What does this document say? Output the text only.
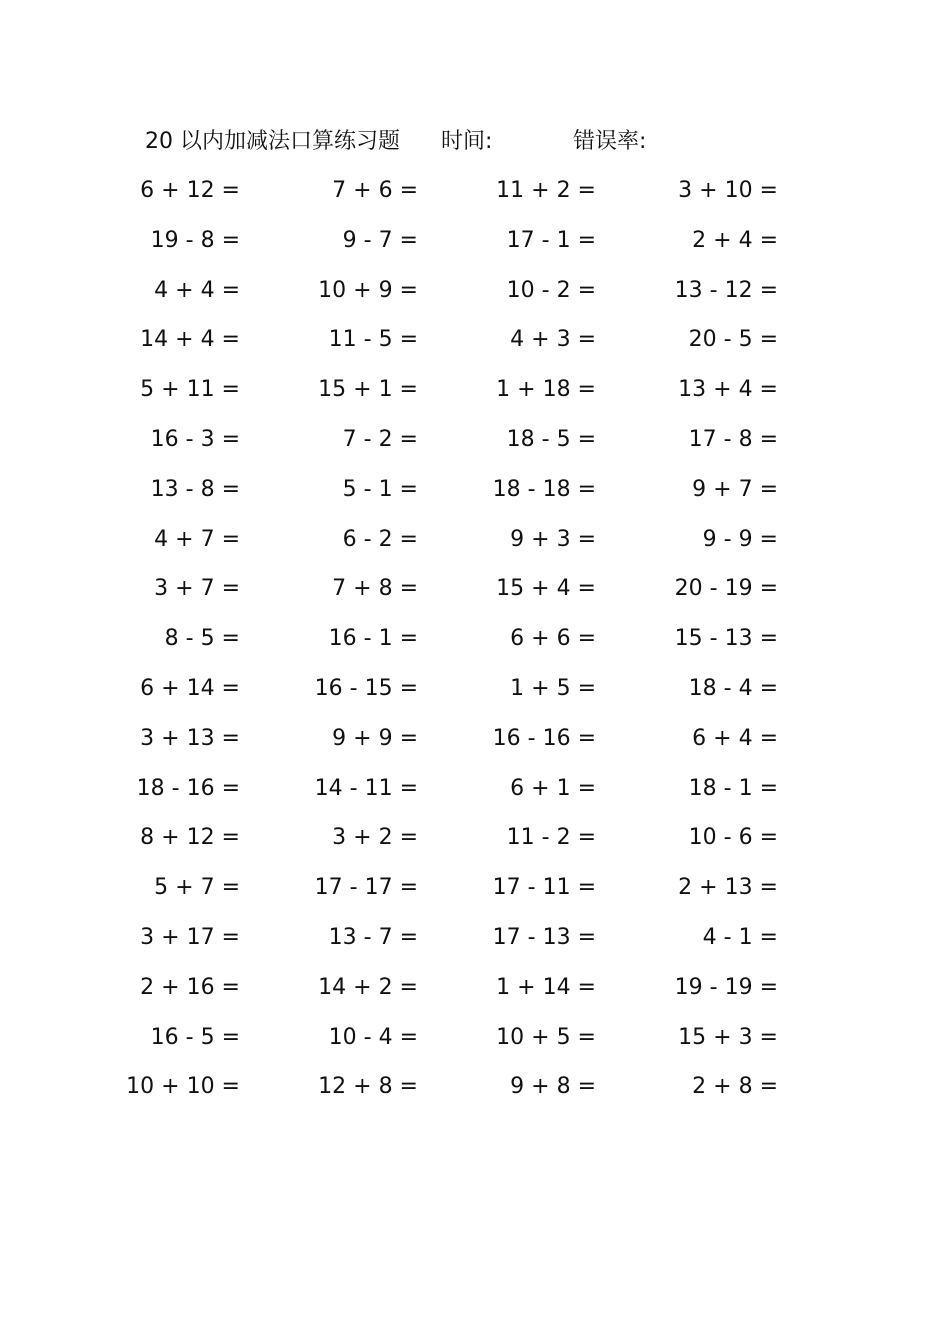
20 以内加减法口算练习题 时间:	错误率:
6 + 12 =	7 + 6 =	11 + 2 =	3 + 10 =
19 - 8 =	9 - 7 =	17 - 1 =	2 + 4 =
4 + 4 =	10 + 9 =	10 - 2 =	13 - 12 =
14 + 4 =	11 - 5 =	4 + 3 =	20 - 5 =
5 + 11 =	15 + 1 =	1 + 18 =	13 + 4 =
16 - 3 =	7 - 2 =	18 - 5 =	17 - 8 =
13 - 8 =	5 - 1 =	18 - 18 =	9 + 7 =
4 + 7 =	6 - 2 =	9 + 3 =	9 - 9 =
3 + 7 =	7 + 8 =	15 + 4 =	20 - 19 =
8 - 5 =	16 - 1 =	6 + 6 =	15 - 13 =
6 + 14 =	16 - 15 =	1 + 5 =	18 - 4 =
3 + 13 =	9 + 9 =	16 - 16 =	6 + 4 =
18 - 16 =	14 - 11 =	6 + 1 =	18 - 1 =
8 + 12 =	3 + 2 =	11 - 2 =	10 - 6 =
5 + 7 =	17 - 17 =	17 - 11 =	2 + 13 =
3 + 17 =	13 - 7 =	17 - 13 =	4 - 1 =
2 + 16 =	14 + 2 =	1 + 14 =	19 - 19 =
16 - 5 =	10 - 4 =	10 + 5 =	15 + 3 =
10 + 10 =	12 + 8 =	9 + 8 =	2 + 8 =
